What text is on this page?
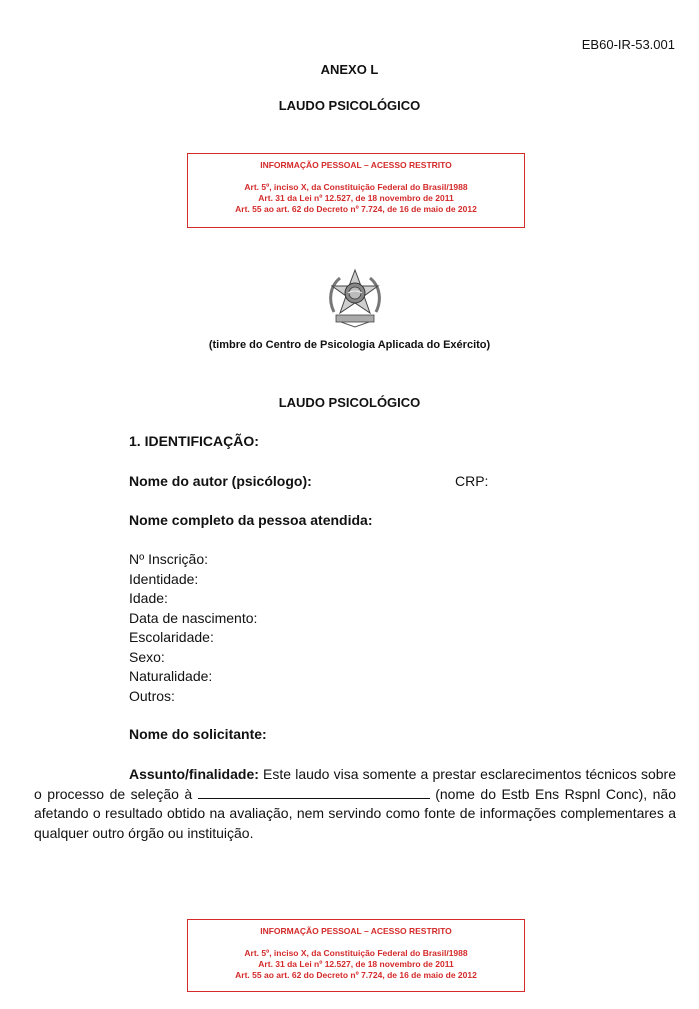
EB60-IR-53.001
ANEXO L
LAUDO PSICOLÓGICO
INFORMAÇÃO PESSOAL – ACESSO RESTRITO
Art. 5º, inciso X, da Constituição Federal do Brasil/1988
Art. 31 da Lei nº 12.527, de 18 novembro de 2011
Art. 55 ao art. 62 do Decreto nº 7.724, de 16 de maio de 2012
(timbre do Centro de Psicologia Aplicada do Exército)
LAUDO PSICOLÓGICO
1. IDENTIFICAÇÃO:
Nome do autor (psicólogo):	CRP:
Nome completo da pessoa atendida:
Nº Inscrição:
Identidade:
Idade:
Data de nascimento:
Escolaridade:
Sexo:
Naturalidade:
Outros:
Nome do solicitante:
Assunto/finalidade: Este laudo visa somente a prestar esclarecimentos técnicos sobre o processo de seleção à	(nome do Estb Ens Rspnl Conc), não afetando o resultado obtido na avaliação, nem servindo como fonte de informações complementares a qualquer outro órgão ou instituição.
INFORMAÇÃO PESSOAL – ACESSO RESTRITO
Art. 5º, inciso X, da Constituição Federal do Brasil/1988
Art. 31 da Lei nº 12.527, de 18 novembro de 2011
Art. 55 ao art. 62 do Decreto nº 7.724, de 16 de maio de 2012
